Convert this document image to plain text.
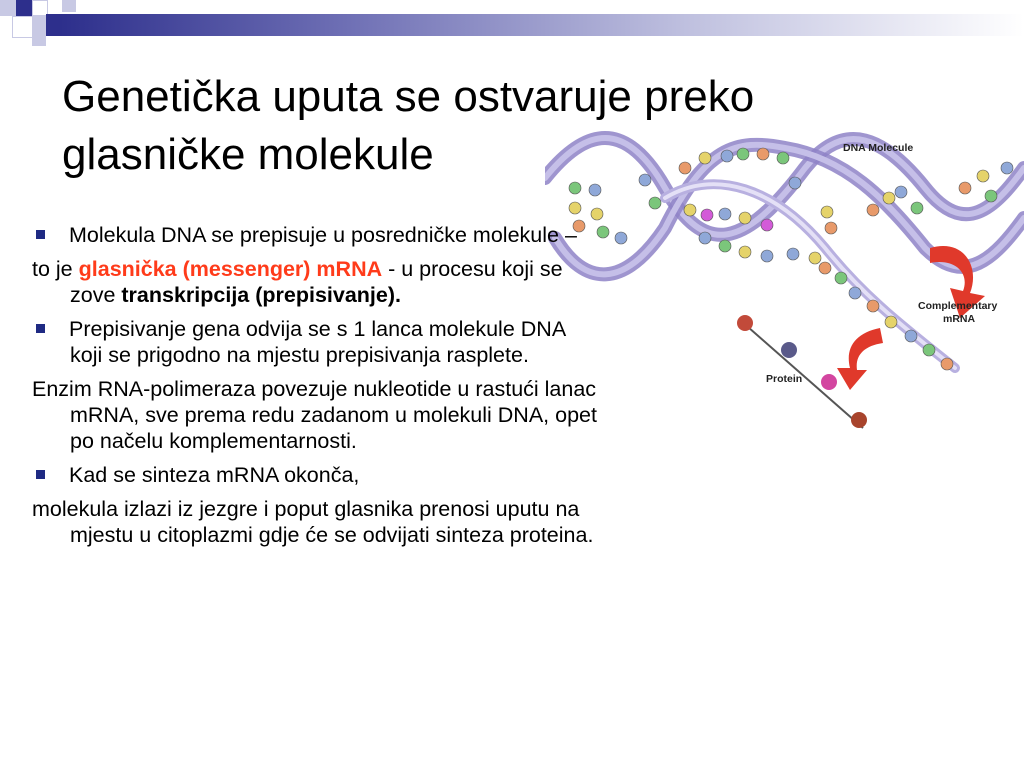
Genetička uputa se ostvaruje preko
glasničke molekule	DNA Molecule
Complementary
mRNA
Protein

Molekula DNA se prepisuje u posredničke molekule –

to je glasnička (messenger) mRNA - u procesu koji se zove transkripcija (prepisivanje).

Prepisivanje gena odvija se s 1 lanca molekule DNA koji se prigodno na mjestu prepisivanja rasplete.

Enzim RNA-polimeraza povezuje nukleotide u rastući lanac mRNA, sve prema redu zadanom u molekuli DNA, opet po načelu komplementarnosti.

Kad se sinteza mRNA okonča,

molekula izlazi iz jezgre i poput glasnika prenosi uputu na mjestu u citoplazmi gdje će se odvijati sinteza proteina.
